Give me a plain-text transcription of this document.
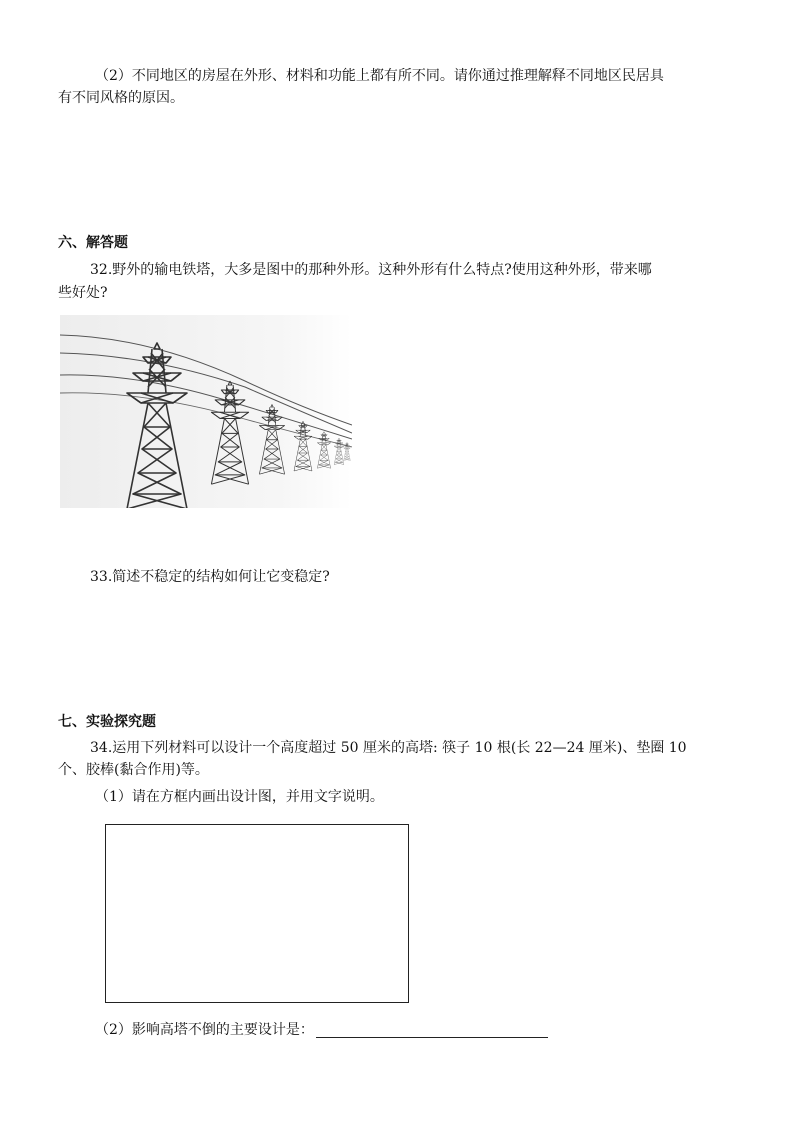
（2）不同地区的房屋在外形、材料和功能上都有所不同。请你通过推理解释不同地区民居具
有不同风格的原因。
六、解答题
32.野外的输电铁塔，大多是图中的那种外形。这种外形有什么特点?使用这种外形，带来哪
些好处?
33.简述不稳定的结构如何让它变稳定?
七、实验探究题
34.运用下列材料可以设计一个高度超过 50 厘米的高塔: 筷子 10 根(长 22—24 厘米)、垫圈 10
个、胶棒(黏合作用)等。
（1）请在方框内画出设计图，并用文字说明。
（2）影响高塔不倒的主要设计是：
